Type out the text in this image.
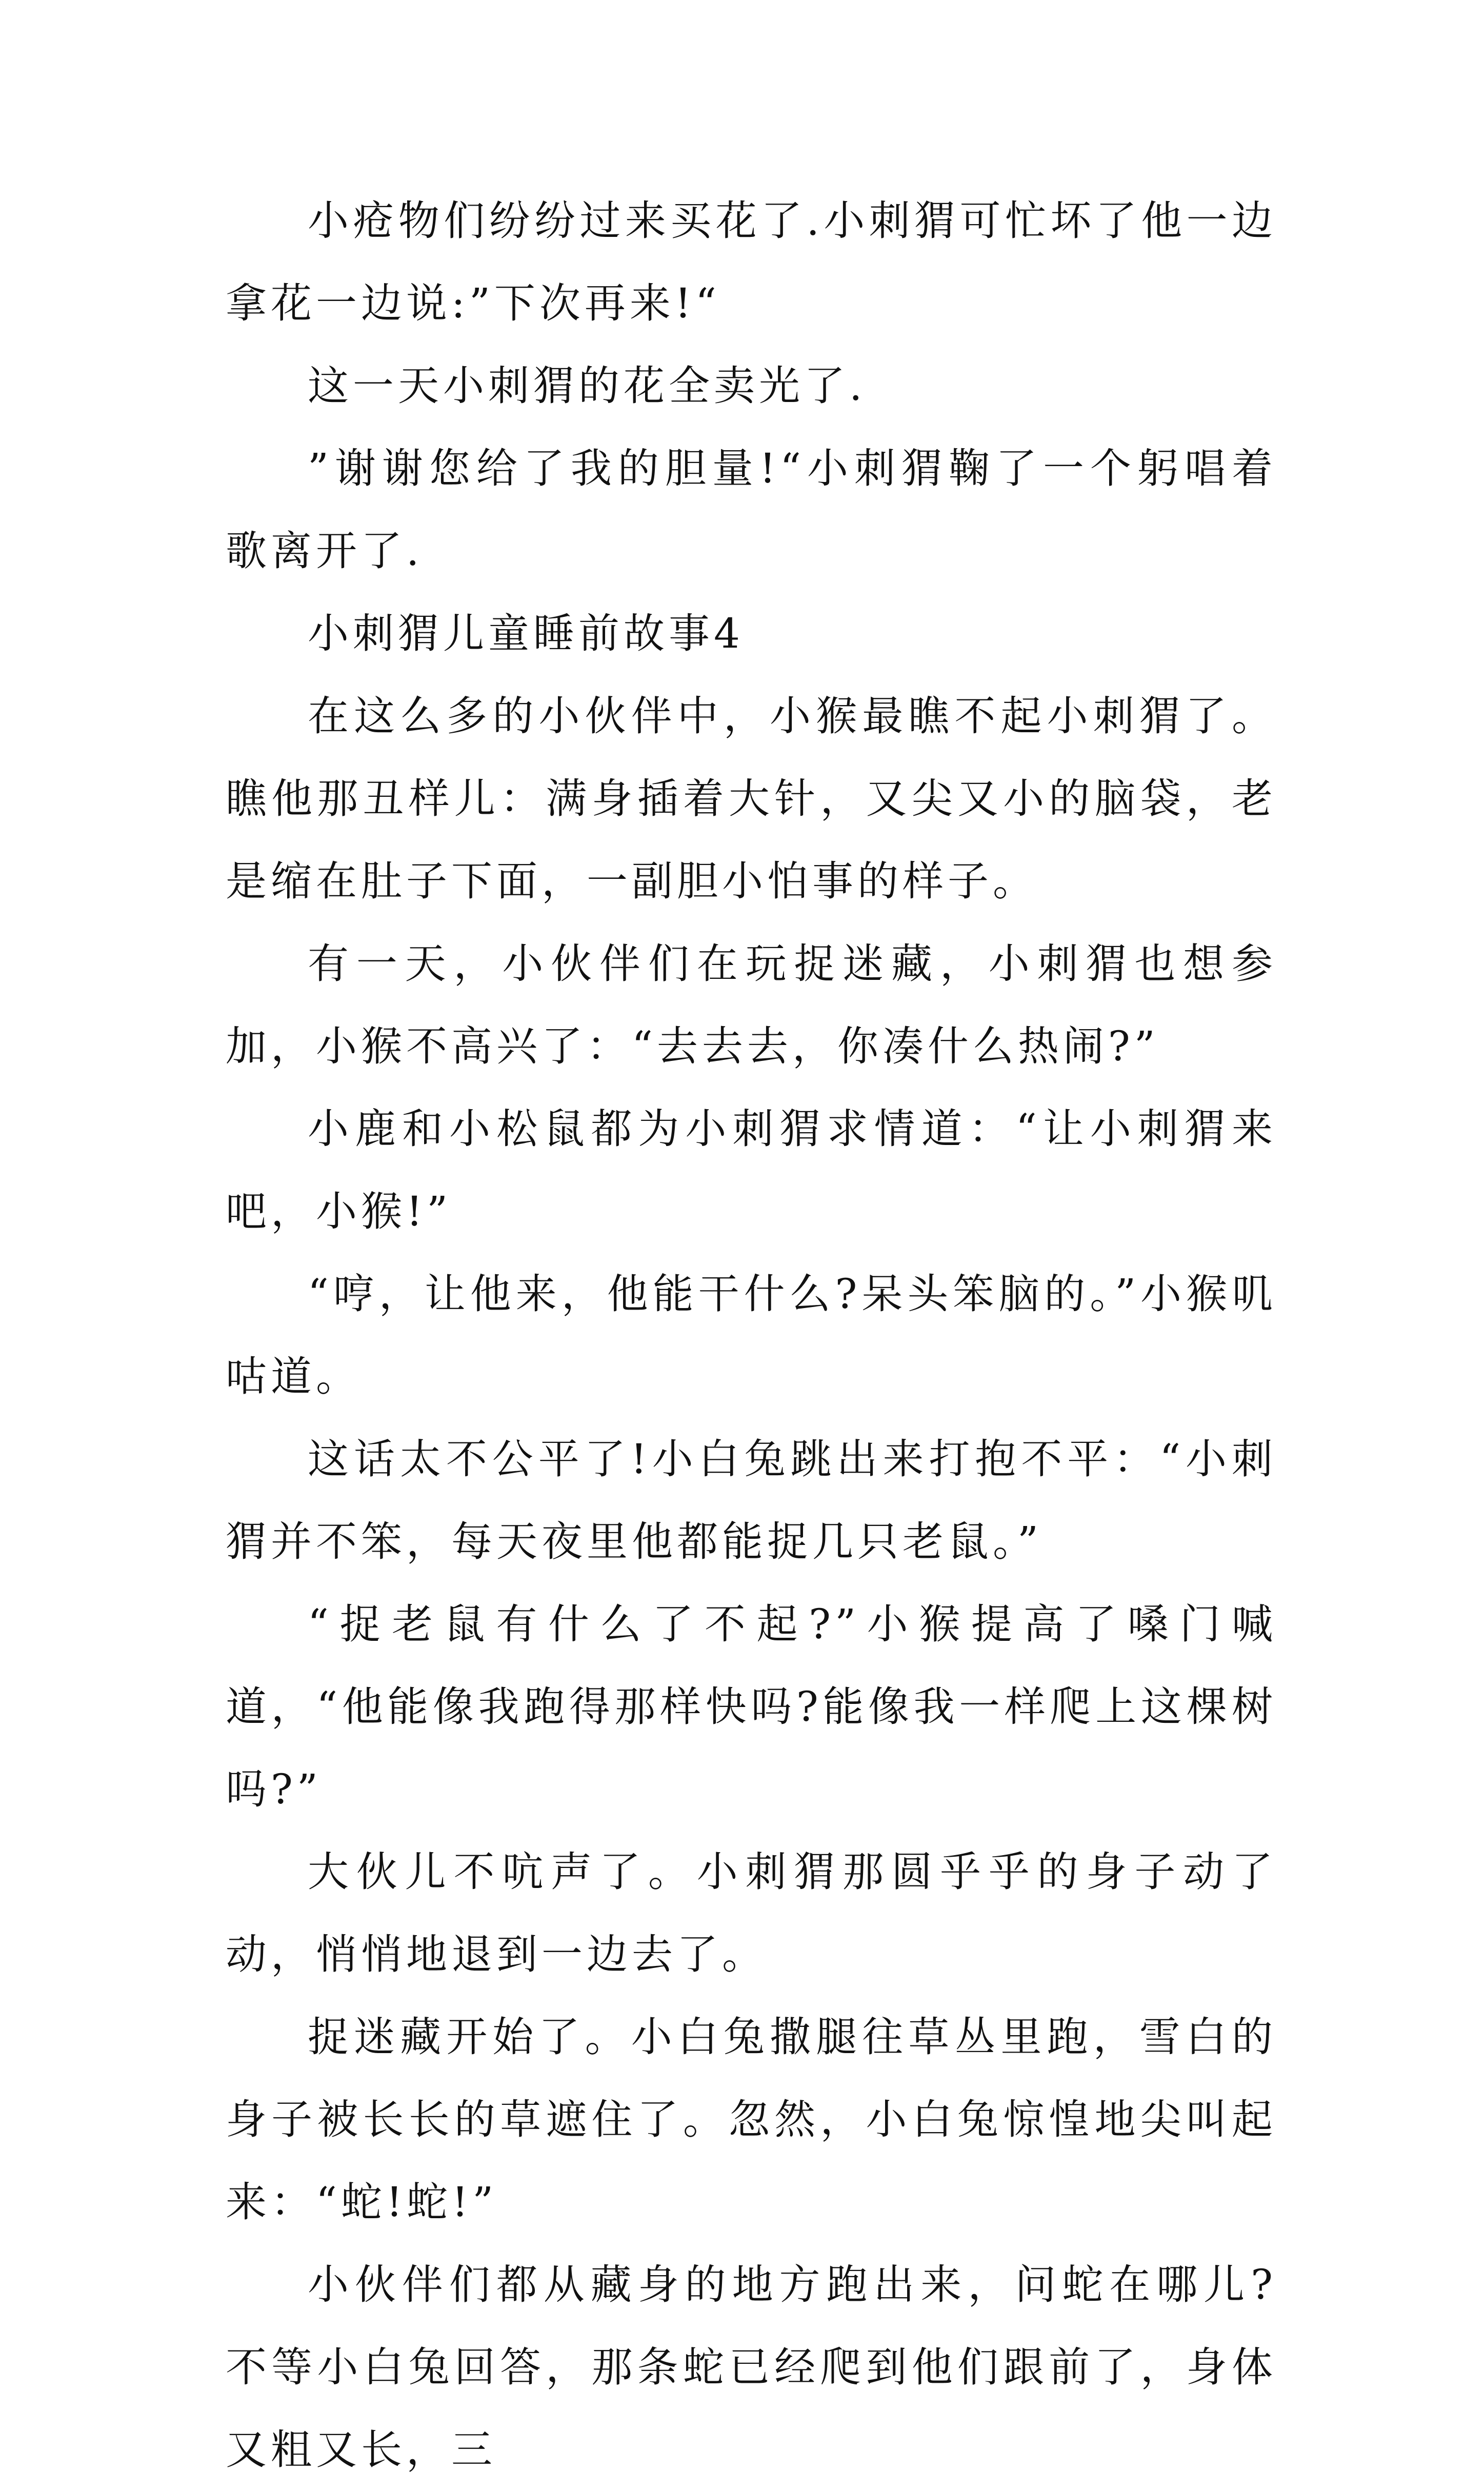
小疮物们纷纷过来买花了.小刺猬可忙坏了他一边拿花一边说:”下次再来!“

这一天小刺猬的花全卖光了.

”谢谢您给了我的胆量!“小刺猬鞠了一个躬唱着歌离开了.

小刺猬儿童睡前故事4

在这么多的小伙伴中，小猴最瞧不起小刺猬了。瞧他那丑样儿：满身插着大针，又尖又小的脑袋，老是缩在肚子下面，一副胆小怕事的样子。

有一天，小伙伴们在玩捉迷藏，小刺猬也想参加，小猴不高兴了：“去去去，你凑什么热闹?”

小鹿和小松鼠都为小刺猬求情道：“让小刺猬来吧，小猴!”

“哼，让他来，他能干什么?呆头笨脑的。”小猴叽咕道。

这话太不公平了!小白兔跳出来打抱不平：“小刺猬并不笨，每天夜里他都能捉几只老鼠。”

“捉老鼠有什么了不起?”小猴提高了嗓门喊道，“他能像我跑得那样快吗?能像我一样爬上这棵树吗?”

大伙儿不吭声了。小刺猬那圆乎乎的身子动了动，悄悄地退到一边去了。

捉迷藏开始了。小白兔撒腿往草丛里跑，雪白的身子被长长的草遮住了。忽然，小白兔惊惶地尖叫起来：“蛇!蛇!”

小伙伴们都从藏身的地方跑出来，问蛇在哪儿?不等小白兔回答，那条蛇已经爬到他们跟前了，身体又粗又长，三
